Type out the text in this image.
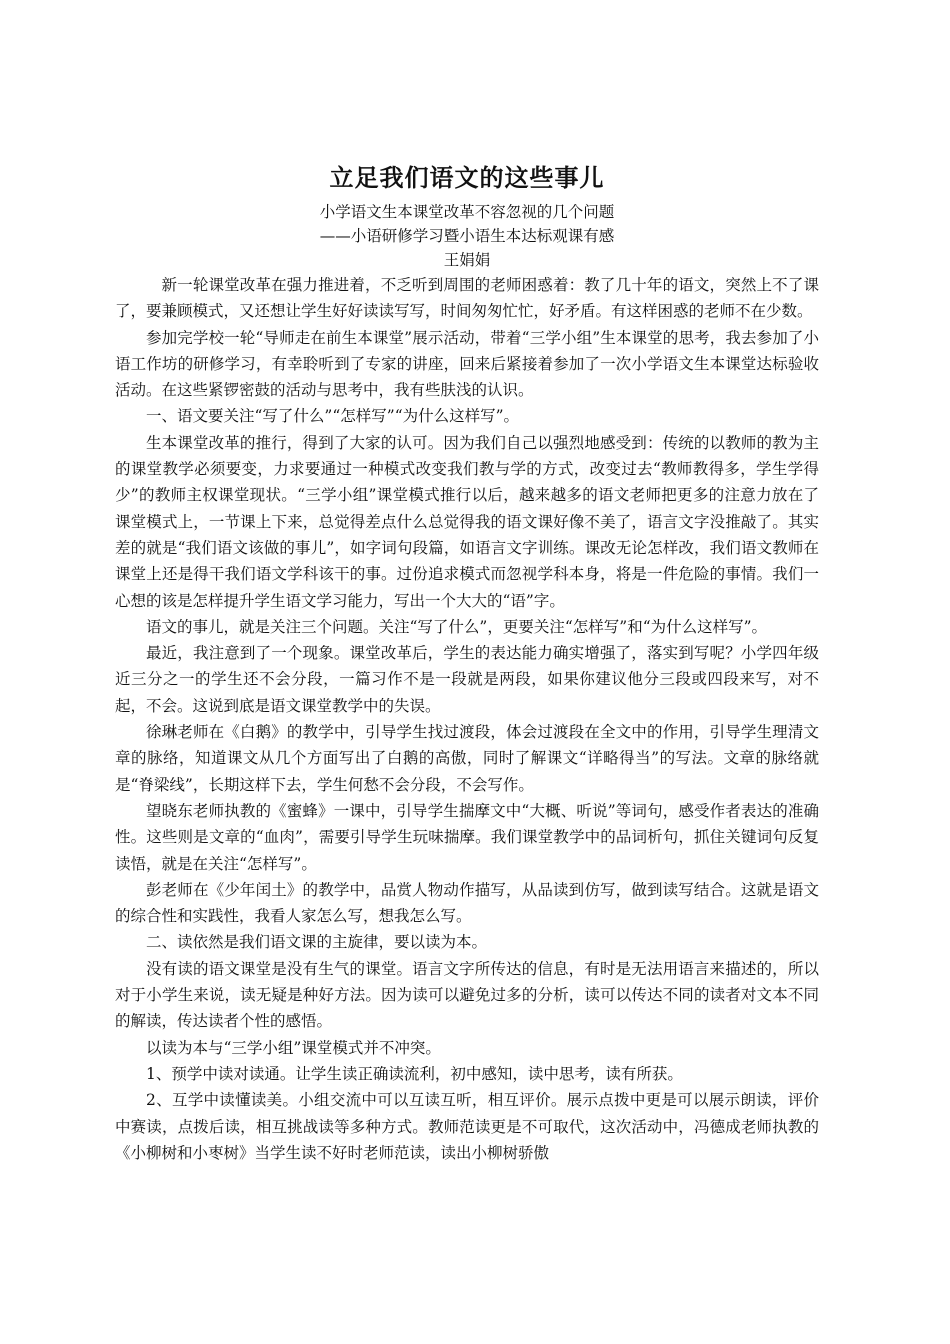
立足我们语文的这些事儿
小学语文生本课堂改革不容忽视的几个问题
——小语研修学习暨小语生本达标观课有感
王娟娟

新一轮课堂改革在强力推进着，不乏听到周围的老师困惑着：教了几十年的语文，突然上不了课了，要兼顾模式，又还想让学生好好读读写写，时间匆匆忙忙，好矛盾。有这样困惑的老师不在少数。

参加完学校一轮“导师走在前生本课堂”展示活动，带着“三学小组”生本课堂的思考，我去参加了小语工作坊的研修学习，有幸聆听到了专家的讲座，回来后紧接着参加了一次小学语文生本课堂达标验收活动。在这些紧锣密鼓的活动与思考中，我有些肤浅的认识。

一、语文要关注“写了什么”“怎样写”“为什么这样写”。

生本课堂改革的推行，得到了大家的认可。因为我们自己以强烈地感受到：传统的以教师的教为主的课堂教学必须要变，力求要通过一种模式改变我们教与学的方式，改变过去“教师教得多，学生学得少”的教师主权课堂现状。“三学小组”课堂模式推行以后，越来越多的语文老师把更多的注意力放在了课堂模式上，一节课上下来，总觉得差点什么总觉得我的语文课好像不美了，语言文字没推敲了。其实差的就是“我们语文该做的事儿”，如字词句段篇，如语言文字训练。课改无论怎样改，我们语文教师在课堂上还是得干我们语文学科该干的事。过份追求模式而忽视学科本身，将是一件危险的事情。我们一心想的该是怎样提升学生语文学习能力，写出一个大大的“语”字。

语文的事儿，就是关注三个问题。关注“写了什么”，更要关注“怎样写”和“为什么这样写”。

最近，我注意到了一个现象。课堂改革后，学生的表达能力确实增强了，落实到写呢？小学四年级近三分之一的学生还不会分段，一篇习作不是一段就是两段，如果你建议他分三段或四段来写，对不起，不会。这说到底是语文课堂教学中的失误。

徐琳老师在《白鹅》的教学中，引导学生找过渡段，体会过渡段在全文中的作用，引导学生理清文章的脉络，知道课文从几个方面写出了白鹅的高傲，同时了解课文“详略得当”的写法。文章的脉络就是“脊梁线”，长期这样下去，学生何愁不会分段，不会写作。

望晓东老师执教的《蜜蜂》一课中，引导学生揣摩文中“大概、听说”等词句，感受作者表达的准确性。这些则是文章的“血肉”，需要引导学生玩味揣摩。我们课堂教学中的品词析句，抓住关键词句反复读悟，就是在关注“怎样写”。

彭老师在《少年闰土》的教学中，品赏人物动作描写，从品读到仿写，做到读写结合。这就是语文的综合性和实践性，我看人家怎么写，想我怎么写。

二、读依然是我们语文课的主旋律，要以读为本。

没有读的语文课堂是没有生气的课堂。语言文字所传达的信息，有时是无法用语言来描述的，所以对于小学生来说，读无疑是种好方法。因为读可以避免过多的分析，读可以传达不同的读者对文本不同的解读，传达读者个性的感悟。

以读为本与“三学小组”课堂模式并不冲突。

1、预学中读对读通。让学生读正确读流利，初中感知，读中思考，读有所获。

2、互学中读懂读美。小组交流中可以互读互听，相互评价。展示点拨中更是可以展示朗读，评价中赛读，点拨后读，相互挑战读等多种方式。教师范读更是不可取代，这次活动中，冯德成老师执教的《小柳树和小枣树》当学生读不好时老师范读，读出小柳树骄傲
